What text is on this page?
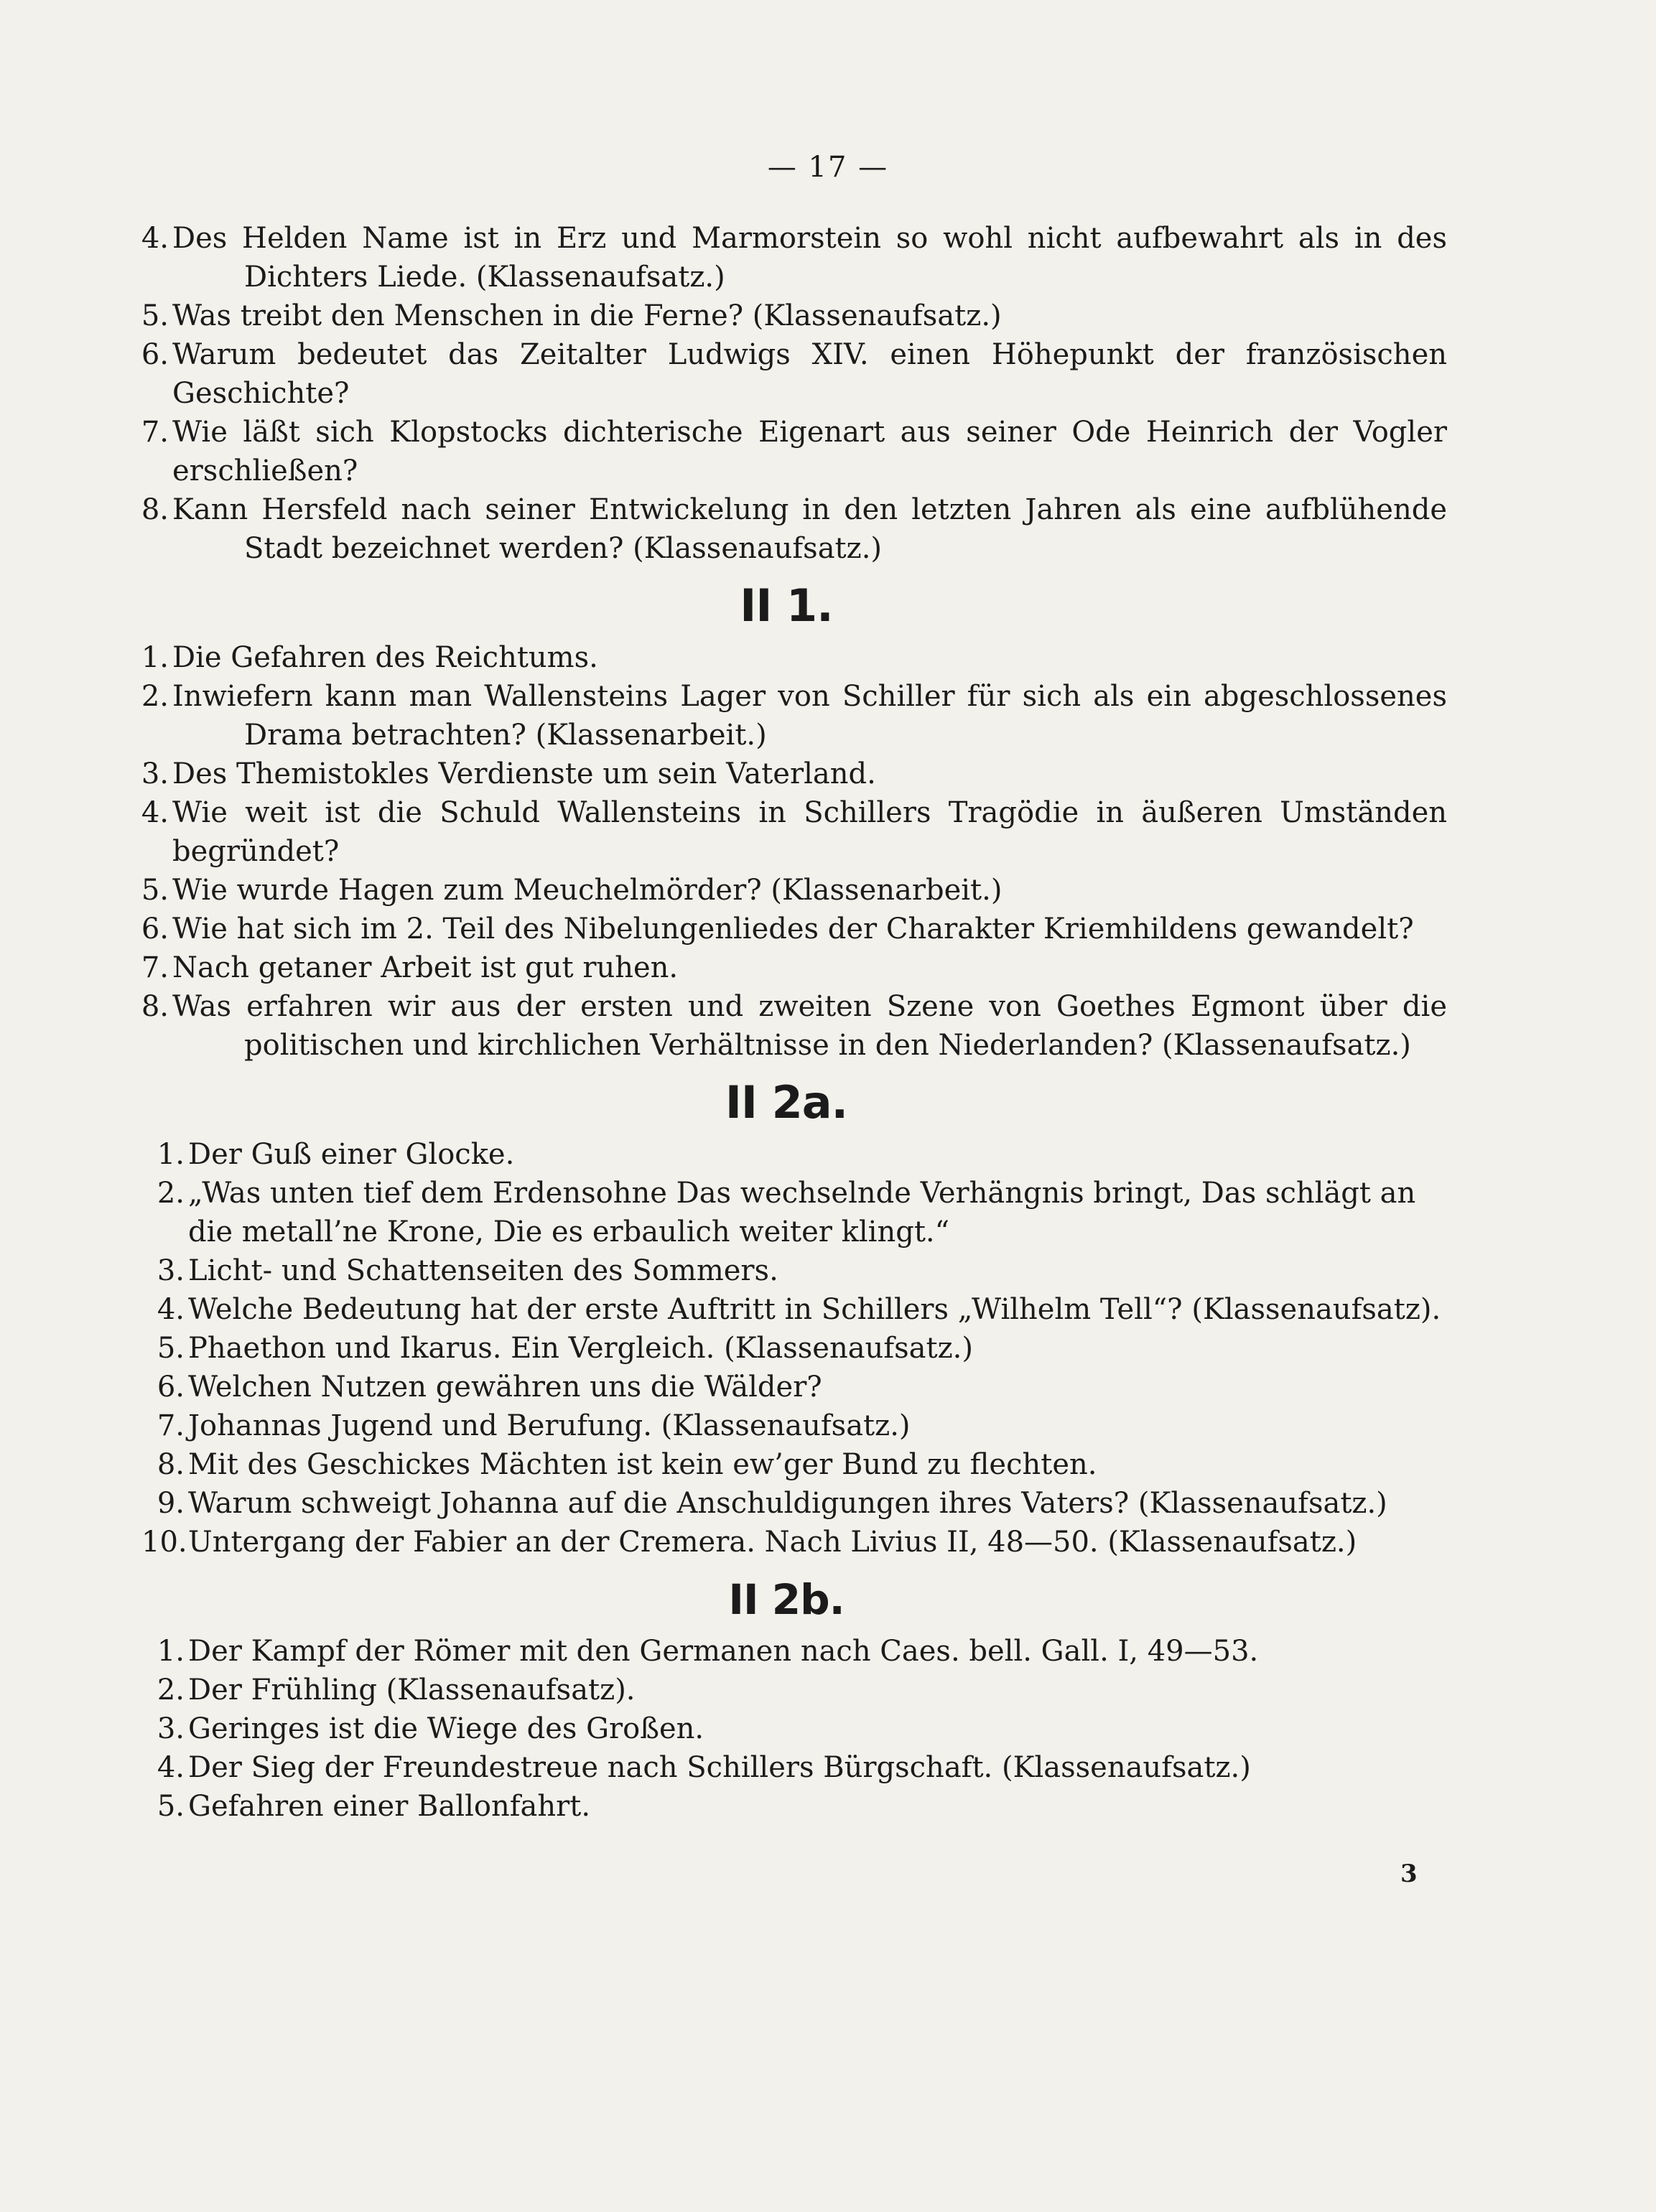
— 17 —
4. Des Helden Name ist in Erz und Marmorstein so wohl nicht aufbewahrt als in des
Dichters Liede. (Klassenaufsatz.)
5. Was treibt den Menschen in die Ferne? (Klassenaufsatz.)
6. Warum bedeutet das Zeitalter Ludwigs XIV. einen Höhepunkt der französischen Geschichte?
7. Wie läßt sich Klopstocks dichterische Eigenart aus seiner Ode Heinrich der Vogler erschließen?
8. Kann Hersfeld nach seiner Entwickelung in den letzten Jahren als eine aufblühende
Stadt bezeichnet werden? (Klassenaufsatz.)
II 1.
1. Die Gefahren des Reichtums.
2. Inwiefern kann man Wallensteins Lager von Schiller für sich als ein abgeschlossenes
Drama betrachten? (Klassenarbeit.)
3. Des Themistokles Verdienste um sein Vaterland.
4. Wie weit ist die Schuld Wallensteins in Schillers Tragödie in äußeren Umständen begründet?
5. Wie wurde Hagen zum Meuchelmörder? (Klassenarbeit.)
6. Wie hat sich im 2. Teil des Nibelungenliedes der Charakter Kriemhildens gewandelt?
7. Nach getaner Arbeit ist gut ruhen.
8. Was erfahren wir aus der ersten und zweiten Szene von Goethes Egmont über die
politischen und kirchlichen Verhältnisse in den Niederlanden? (Klassenaufsatz.)
II 2a.
1. Der Guß einer Glocke.
2. „Was unten tief dem Erdensohne Das wechselnde Verhängnis bringt, Das schlägt an die metall’ne Krone, Die es erbaulich weiter klingt.“
3. Licht- und Schattenseiten des Sommers.
4. Welche Bedeutung hat der erste Auftritt in Schillers „Wilhelm Tell“? (Klassenaufsatz).
5. Phaethon und Ikarus. Ein Vergleich. (Klassenaufsatz.)
6. Welchen Nutzen gewähren uns die Wälder?
7. Johannas Jugend und Berufung. (Klassenaufsatz.)
8. Mit des Geschickes Mächten ist kein ew’ger Bund zu flechten.
9. Warum schweigt Johanna auf die Anschuldigungen ihres Vaters? (Klassenaufsatz.)
10. Untergang der Fabier an der Cremera. Nach Livius II, 48—50. (Klassenaufsatz.)
II 2b.
1. Der Kampf der Römer mit den Germanen nach Caes. bell. Gall. I, 49—53.
2. Der Frühling (Klassenaufsatz).
3. Geringes ist die Wiege des Großen.
4. Der Sieg der Freundestreue nach Schillers Bürgschaft. (Klassenaufsatz.)
5. Gefahren einer Ballonfahrt.
3
